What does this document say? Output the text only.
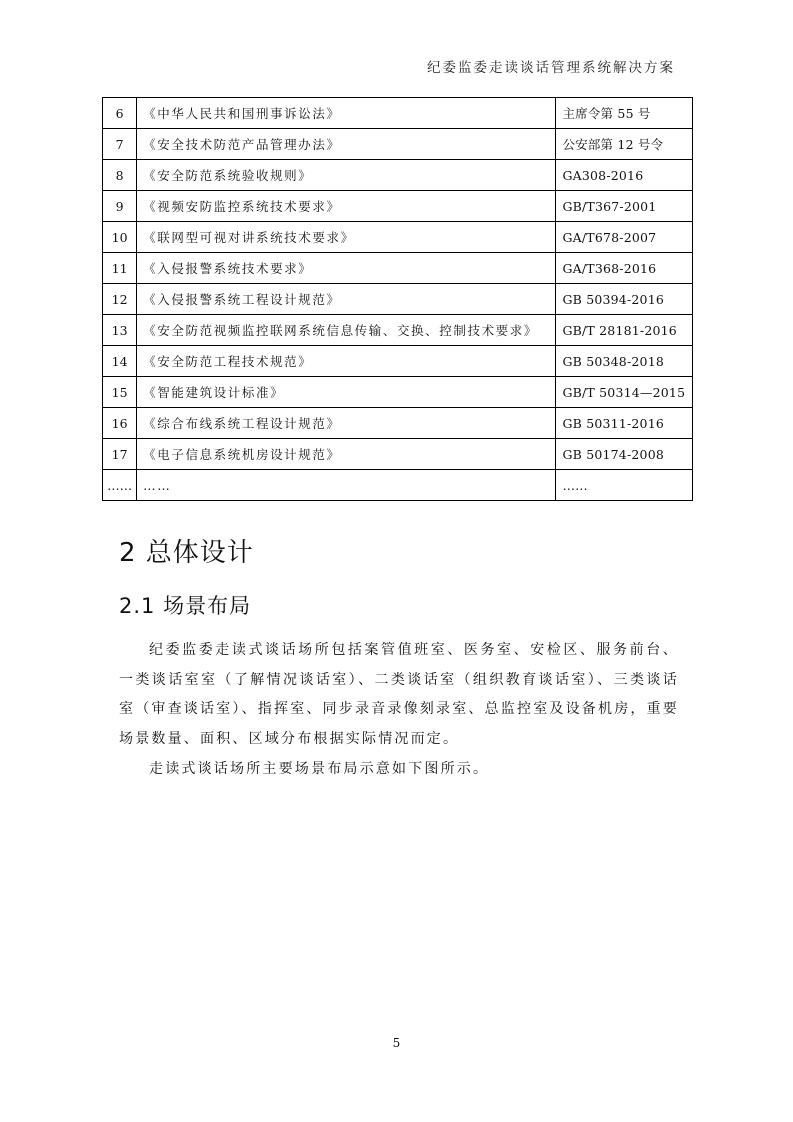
纪委监委走读谈话管理系统解决方案
6	《中华人民共和国刑事诉讼法》	主席令第 55 号
7	《安全技术防范产品管理办法》	公安部第 12 号令
8	《安全防范系统验收规则》	GA308-2016
9	《视频安防监控系统技术要求》	GB/T367-2001
10	《联网型可视对讲系统技术要求》	GA/T678-2007
11	《入侵报警系统技术要求》	GA/T368-2016
12	《入侵报警系统工程设计规范》	GB 50394-2016
13	《安全防范视频监控联网系统信息传输、交换、控制技术要求》	GB/T 28181-2016
14	《安全防范工程技术规范》	GB 50348-2018
15	《智能建筑设计标准》	GB/T 50314—2015
16	《综合布线系统工程设计规范》	GB 50311-2016
17	《电子信息系统机房设计规范》	GB 50174-2008
……	……	……
2 总体设计
2.1 场景布局

纪委监委走读式谈话场所包括案管值班室、医务室、安检区、服务前台、一类谈话室室（了解情况谈话室）、二类谈话室（组织教育谈话室）、三类谈话室（审查谈话室）、指挥室、同步录音录像刻录室、总监控室及设备机房，重要场景数量、面积、区域分布根据实际情况而定。

走读式谈话场所主要场景布局示意如下图所示。

5
